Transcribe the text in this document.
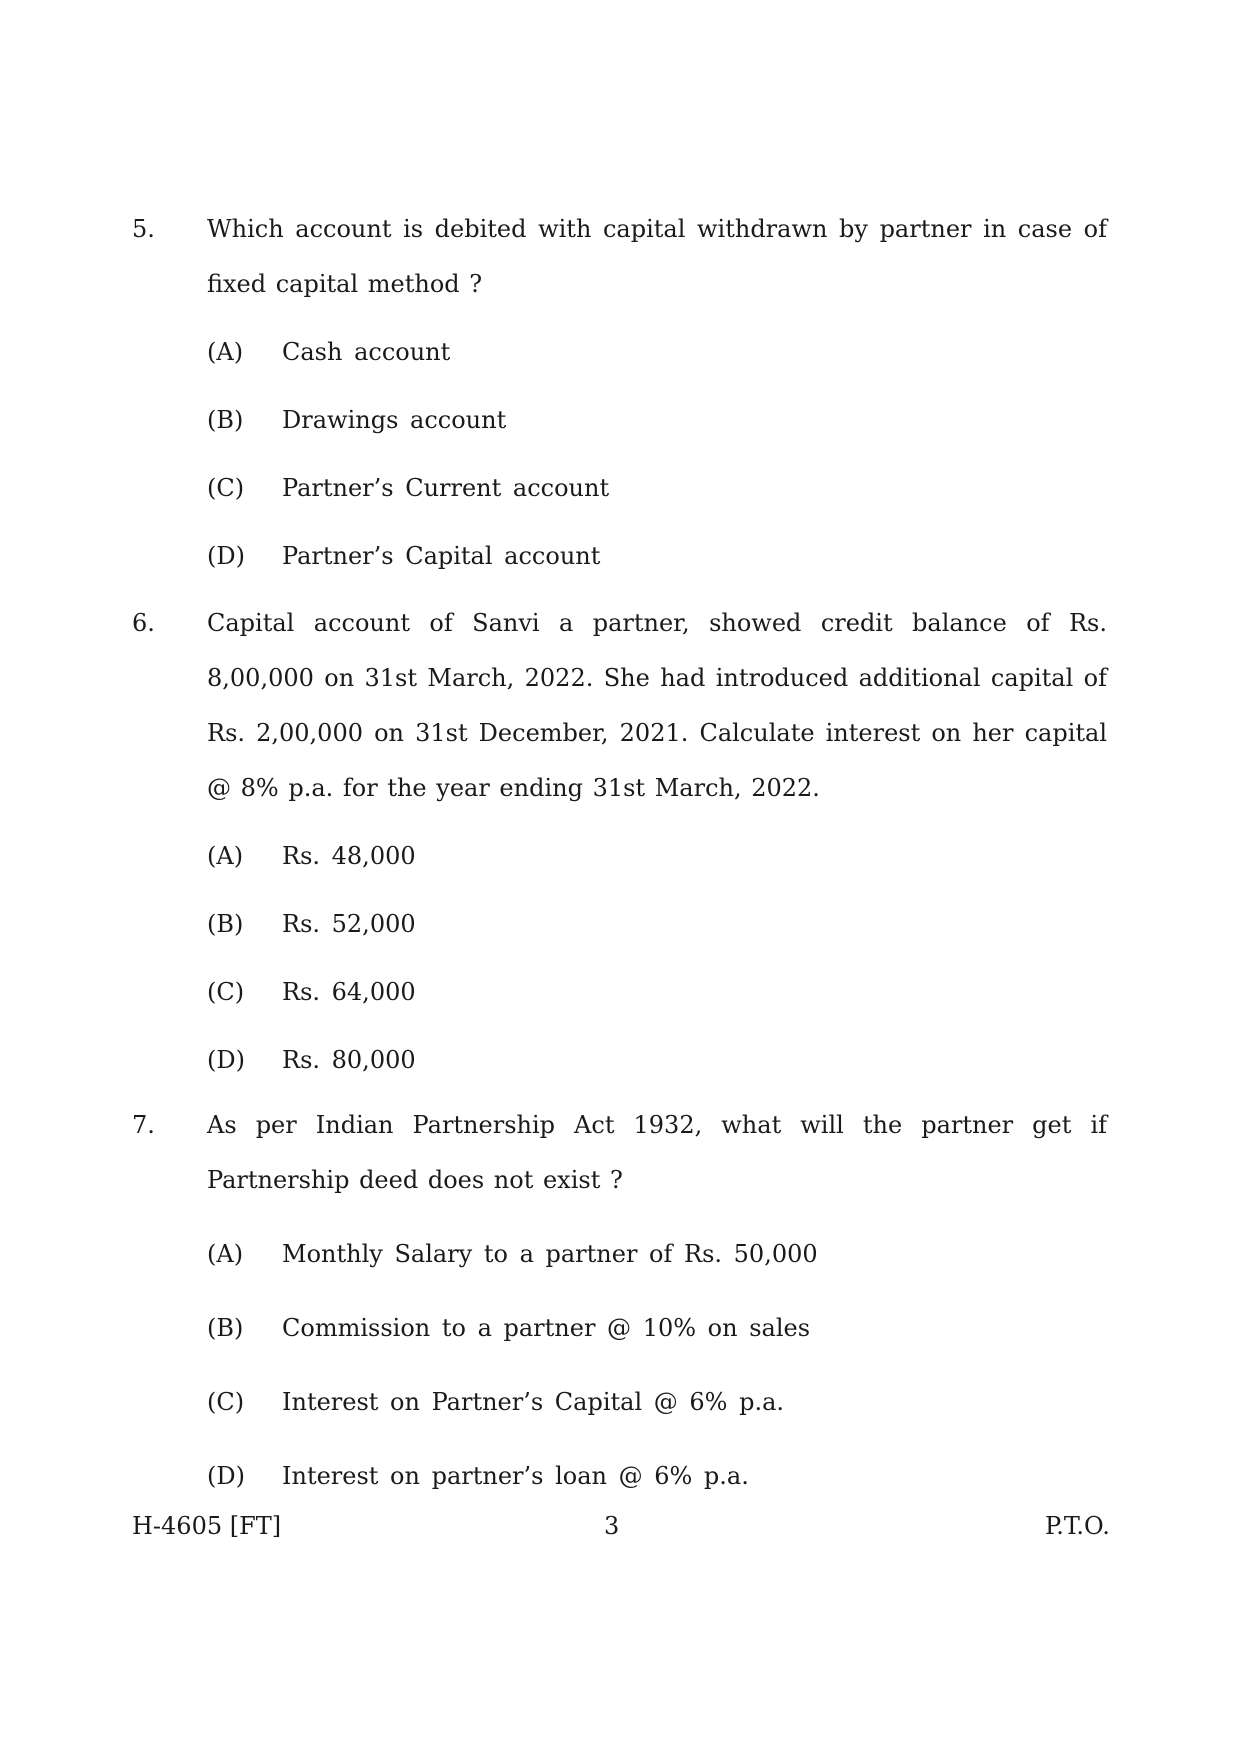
5. Which account is debited with capital withdrawn by partner in case of fixed capital method ?
(A) Cash account
(B) Drawings account
(C) Partner’s Current account
(D) Partner’s Capital account
6. Capital account of Sanvi a partner, showed credit balance of Rs. 8,00,000 on 31st March, 2022. She had introduced additional capital of Rs. 2,00,000 on 31st December, 2021. Calculate interest on her capital @ 8% p.a. for the year ending 31st March, 2022.
(A) Rs. 48,000
(B) Rs. 52,000
(C) Rs. 64,000
(D) Rs. 80,000
7. As per Indian Partnership Act 1932, what will the partner get if Partnership deed does not exist ?
(A) Monthly Salary to a partner of Rs. 50,000
(B) Commission to a partner @ 10% on sales
(C) Interest on Partner’s Capital @ 6% p.a.
(D) Interest on partner’s loan @ 6% p.a.
H-4605 [FT]	3	P.T.O.
